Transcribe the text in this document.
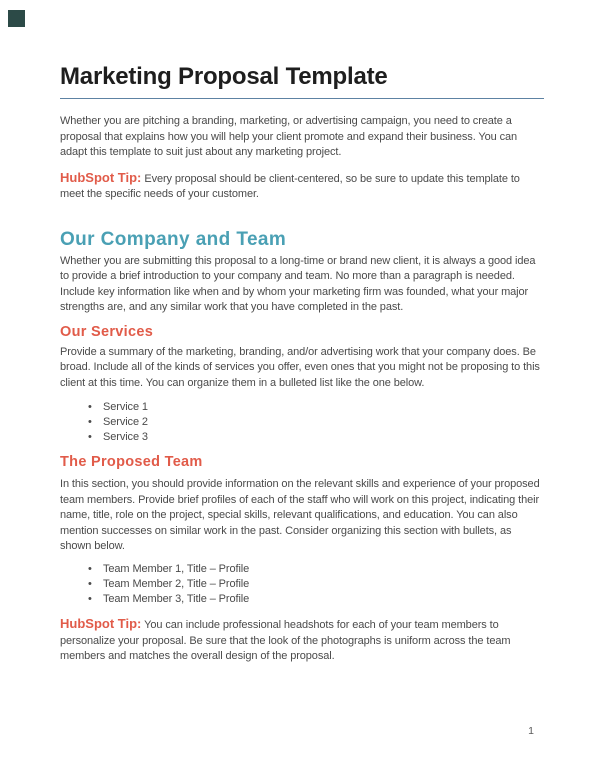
Marketing Proposal Template

Whether you are pitching a branding, marketing, or advertising campaign, you need to create a proposal that explains how you will help your client promote and expand their business. You can adapt this template to suit just about any marketing project.

HubSpot Tip: Every proposal should be client-centered, so be sure to update this template to meet the specific needs of your customer.

Our Company and Team

Whether you are submitting this proposal to a long-time or brand new client, it is always a good idea to provide a brief introduction to your company and team. No more than a paragraph is needed. Include key information like when and by whom your marketing firm was founded, what your major strengths are, and any similar work that you have completed in the past.

Our Services

Provide a summary of the marketing, branding, and/or advertising work that your company does. Be broad. Include all of the kinds of services you offer, even ones that you might not be proposing to this client at this time. You can organize them in a bulleted list like the one below.

• Service 1
• Service 2
• Service 3
The Proposed Team

In this section, you should provide information on the relevant skills and experience of your proposed team members. Provide brief profiles of each of the staff who will work on this project, indicating their name, title, role on the project, special skills, relevant qualifications, and education. You can also mention successes on similar work in the past. Consider organizing this section with bullets, as shown below.

• Team Member 1, Title – Profile
• Team Member 2, Title – Profile
• Team Member 3, Title – Profile

HubSpot Tip: You can include professional headshots for each of your team members to personalize your proposal. Be sure that the look of the photographs is uniform across the team members and matches the overall design of the proposal.

1
